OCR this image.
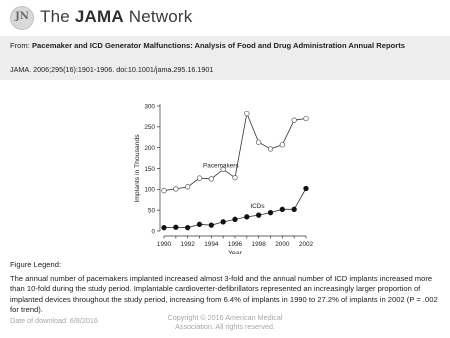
JN The JAMA Network
From: Pacemaker and ICD Generator Malfunctions: Analysis of Food and Drug Administration Annual Reports
JAMA. 2006;295(16):1901-1906. doi:10.1001/jama.295.16.1901
0
50
100
150
200
250
300
1990 1992 1994 1996 1998 2000 2002
Year
Implants in Thousands	Pacemakers
ICDs
Figure Legend:
The annual number of pacemakers implanted increased almost 3-fold and the annual number of ICD implants increased more than 10-fold during the study period. Implantable cardioverter-defibrillators represented an increasingly larger proportion of implanted devices throughout the study period, increasing from 6.4% of implants in 1990 to 27.2% of implants in 2002 (P = .002 for trend).
Date of download: 6/8/2016	Copyright © 2016 American Medical
Association. All rights reserved.
